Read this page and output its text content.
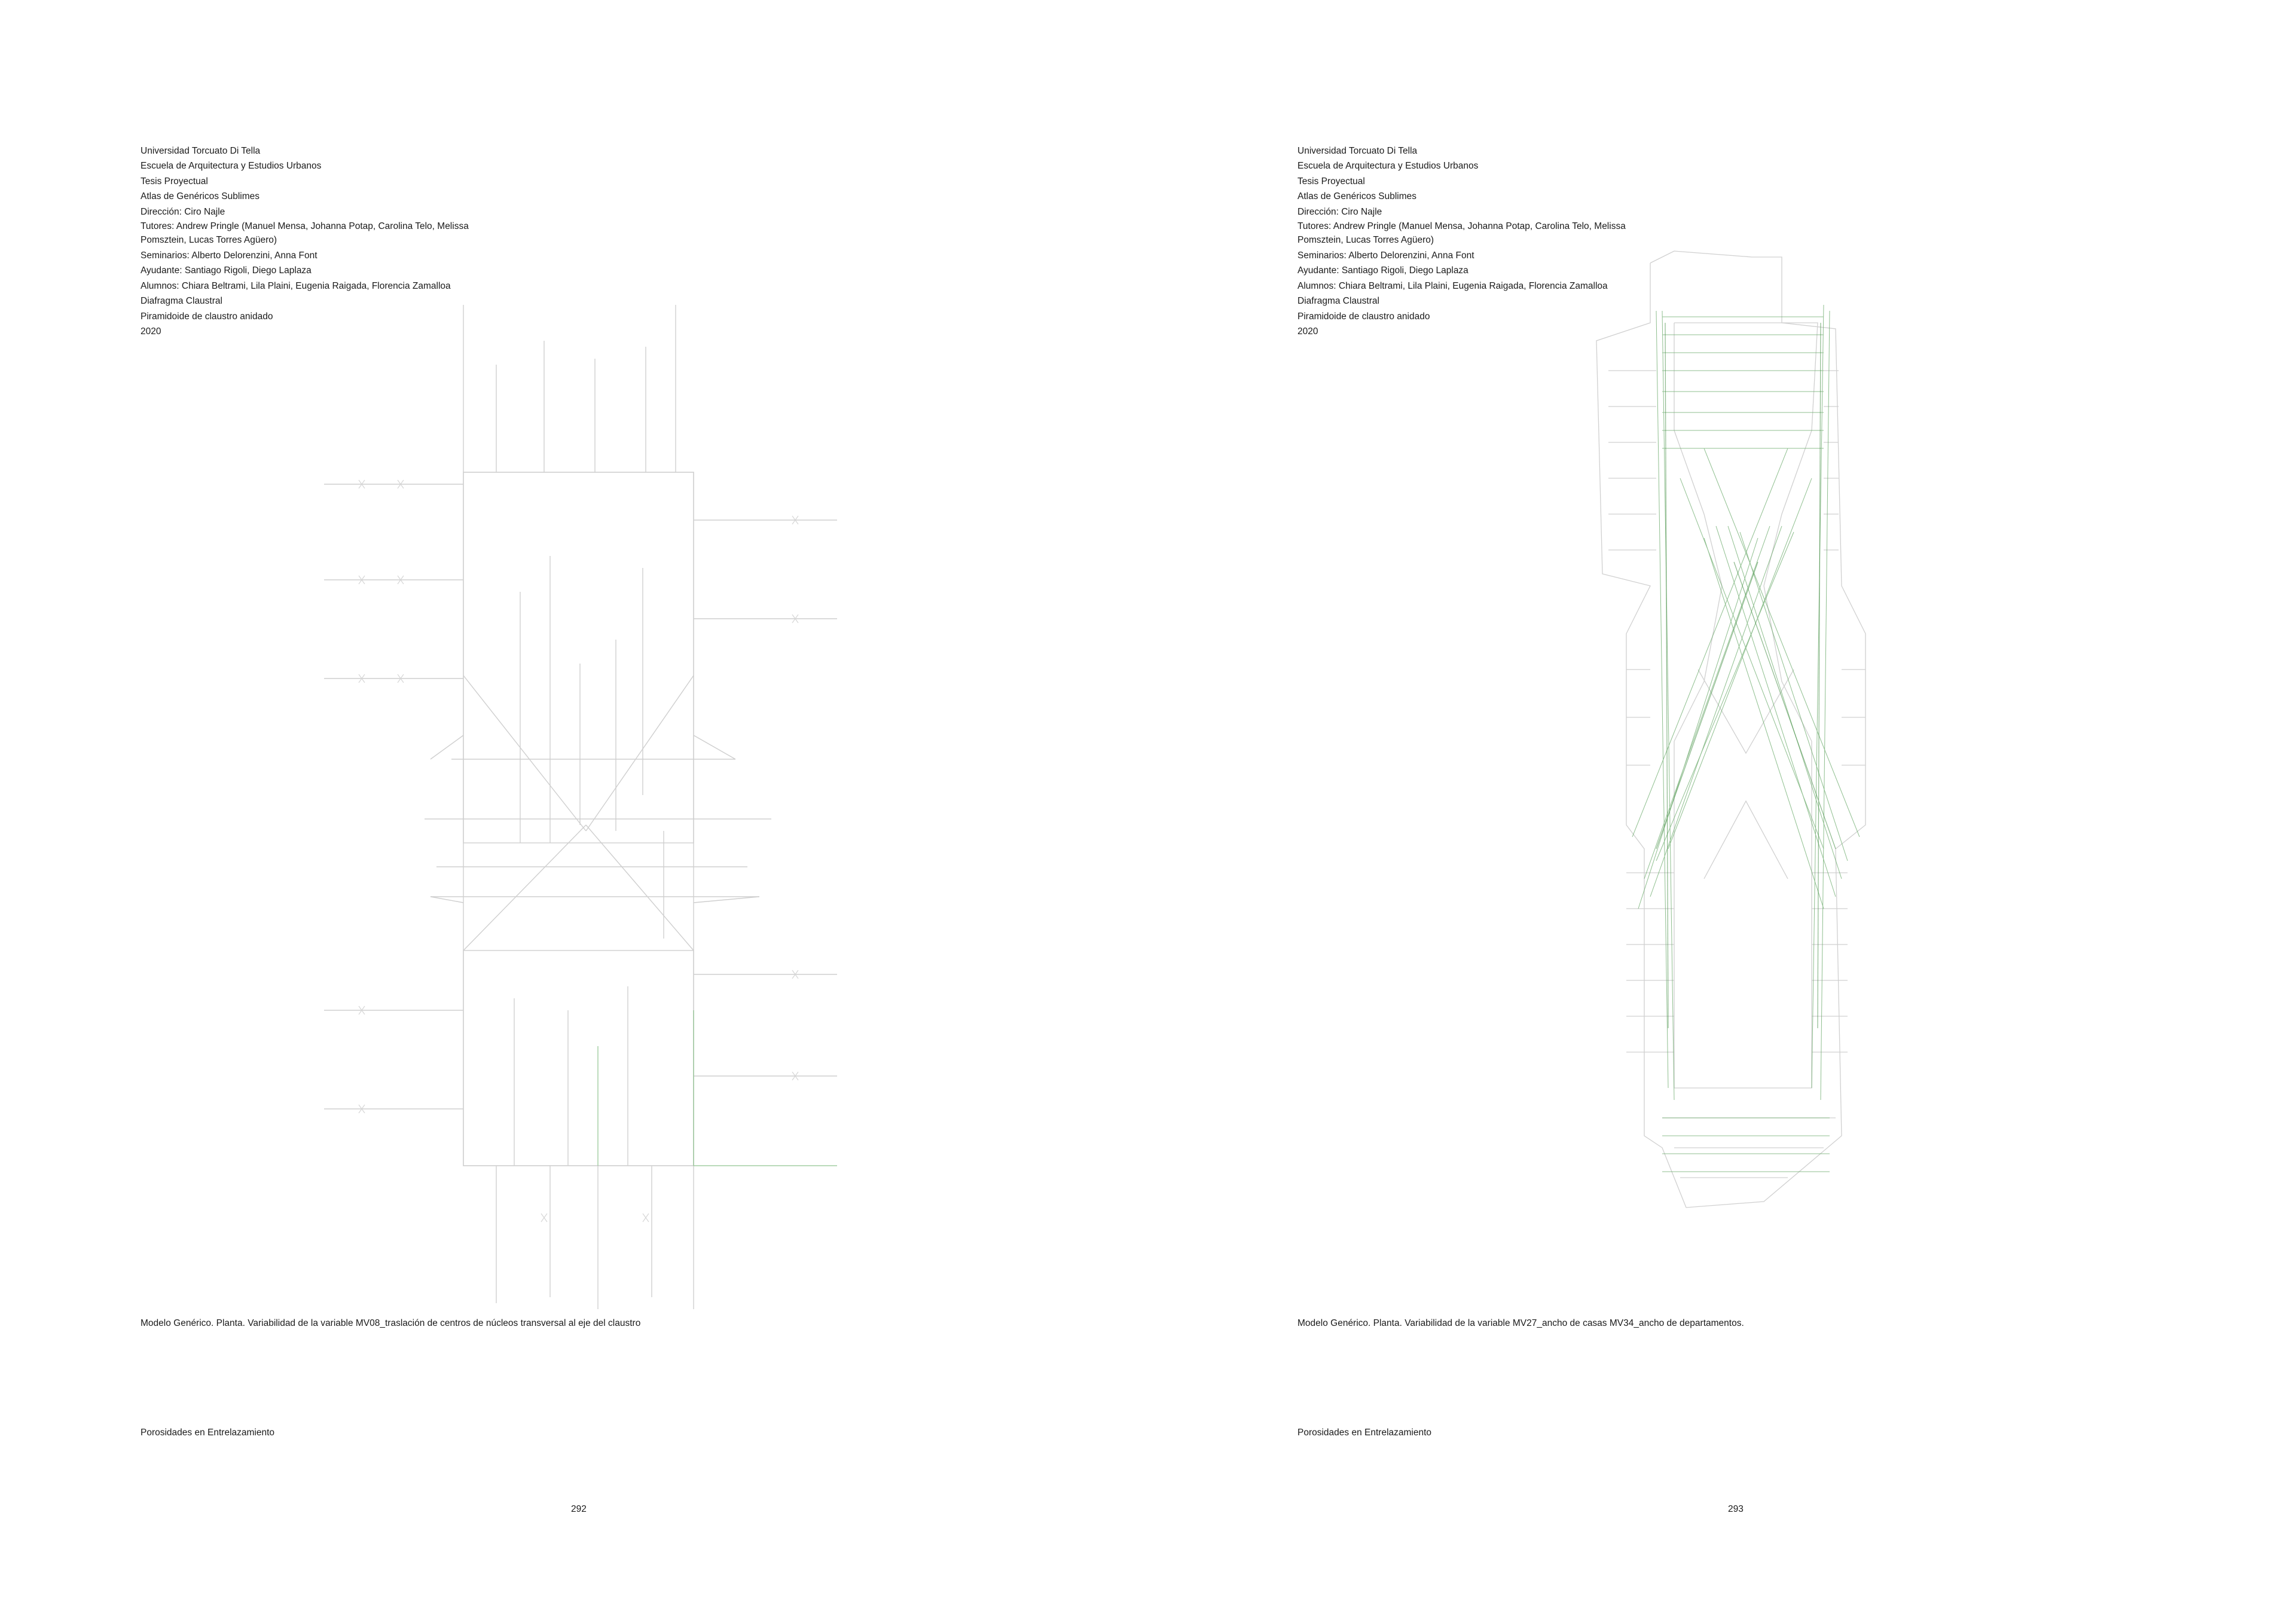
Universidad Torcuato Di Tella
Escuela de Arquitectura y Estudios Urbanos
Tesis Proyectual
Atlas de Genéricos Sublimes
Dirección: Ciro Najle
Tutores: Andrew Pringle (Manuel Mensa, Johanna Potap, Carolina Telo, Melissa Pomsztein, Lucas Torres Agüero)
Seminarios: Alberto Delorenzini, Anna Font
Ayudante: Santiago Rigoli, Diego Laplaza
Alumnos: Chiara Beltrami, Lila Plaini, Eugenia Raigada, Florencia Zamalloa
Diafragma Claustral
Piramidoide de claustro anidado
2020
Modelo Genérico. Planta. Variabilidad de la variable MV08_traslación de centros de núcleos transversal al eje del claustro
Porosidades en Entrelazamiento
292
Universidad Torcuato Di Tella
Escuela de Arquitectura y Estudios Urbanos
Tesis Proyectual
Atlas de Genéricos Sublimes
Dirección: Ciro Najle
Tutores: Andrew Pringle (Manuel Mensa, Johanna Potap, Carolina Telo, Melissa Pomsztein, Lucas Torres Agüero)
Seminarios: Alberto Delorenzini, Anna Font
Ayudante: Santiago Rigoli, Diego Laplaza
Alumnos: Chiara Beltrami, Lila Plaini, Eugenia Raigada, Florencia Zamalloa
Diafragma Claustral
Piramidoide de claustro anidado
2020
Modelo Genérico. Planta. Variabilidad de la variable MV27_ancho de casas MV34_ancho de departamentos.
Porosidades en Entrelazamiento
293
